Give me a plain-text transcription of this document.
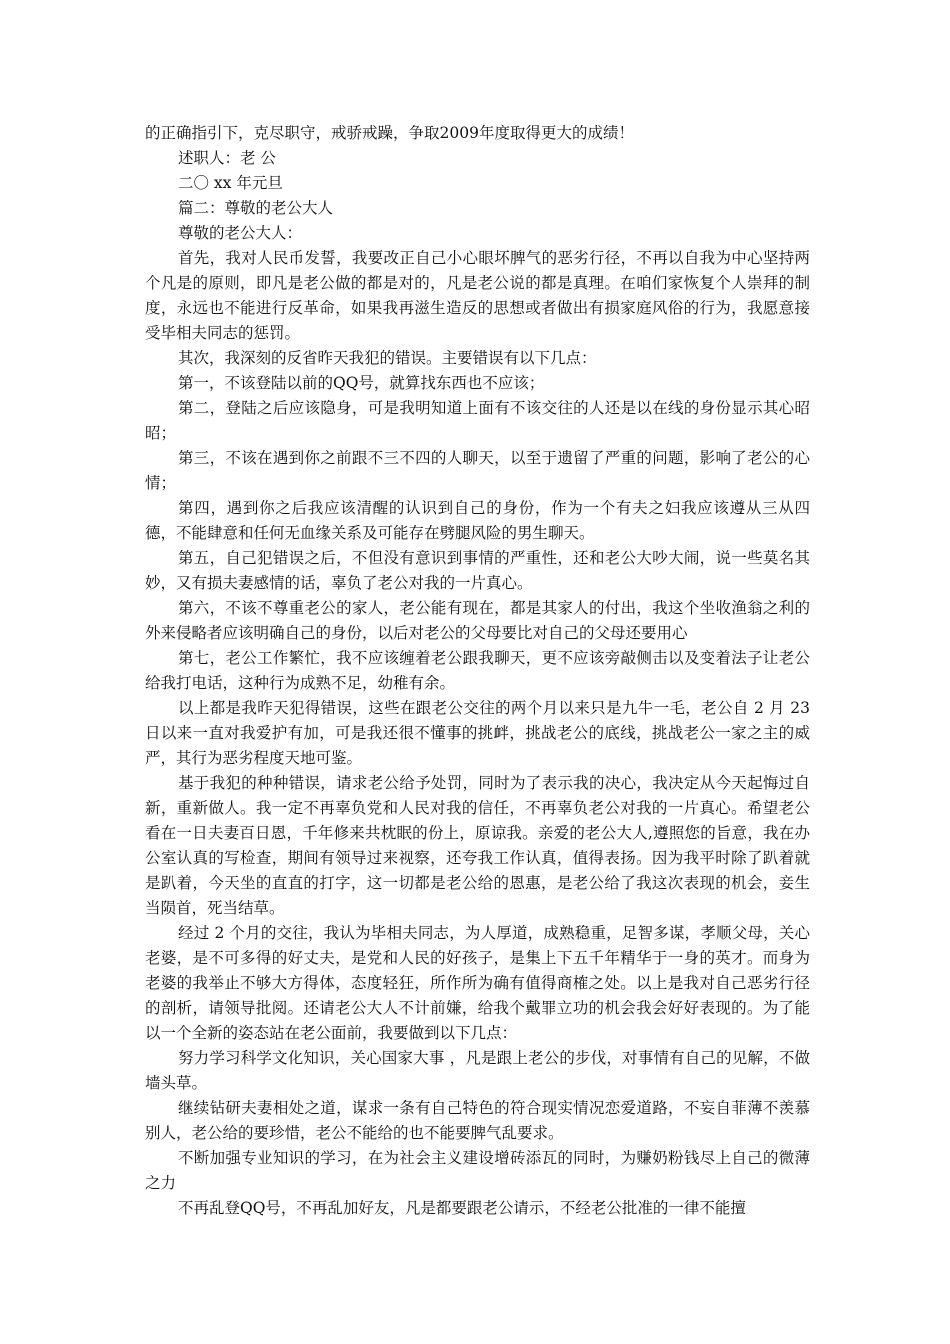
的正确指引下，克尽职守，戒骄戒躁，争取2009年度取得更大的成绩！

述职人：老 公

二〇 xx 年元旦

篇二：尊敬的老公大人

尊敬的老公大人：

首先，我对人民币发誓，我要改正自己小心眼坏脾气的恶劣行径，不再以自我为中心坚持两个凡是的原则，即凡是老公做的都是对的，凡是老公说的都是真理。在咱们家恢复个人崇拜的制度，永远也不能进行反革命，如果我再滋生造反的思想或者做出有损家庭风俗的行为，我愿意接受毕相夫同志的惩罚。

其次，我深刻的反省昨天我犯的错误。主要错误有以下几点：

第一，不该登陆以前的QQ号，就算找东西也不应该；

第二，登陆之后应该隐身，可是我明知道上面有不该交往的人还是以在线的身份显示其心昭昭；

第三，不该在遇到你之前跟不三不四的人聊天，以至于遗留了严重的问题，影响了老公的心情；

第四，遇到你之后我应该清醒的认识到自己的身份，作为一个有夫之妇我应该遵从三从四德，不能肆意和任何无血缘关系及可能存在劈腿风险的男生聊天。

第五，自己犯错误之后，不但没有意识到事情的严重性，还和老公大吵大闹，说一些莫名其妙，又有损夫妻感情的话，辜负了老公对我的一片真心。

第六，不该不尊重老公的家人，老公能有现在，都是其家人的付出，我这个坐收渔翁之利的外来侵略者应该明确自己的身份，以后对老公的父母要比对自己的父母还要用心

第七，老公工作繁忙，我不应该缠着老公跟我聊天，更不应该旁敲侧击以及变着法子让老公给我打电话，这种行为成熟不足，幼稚有余。

以上都是我昨天犯得错误，这些在跟老公交往的两个月以来只是九牛一毛，老公自 2 月 23 日以来一直对我爱护有加，可是我还很不懂事的挑衅，挑战老公的底线，挑战老公一家之主的威严，其行为恶劣程度天地可鉴。

基于我犯的种种错误，请求老公给予处罚，同时为了表示我的决心，我决定从今天起悔过自新，重新做人。我一定不再辜负党和人民对我的信任，不再辜负老公对我的一片真心。希望老公看在一日夫妻百日恩，千年修来共枕眠的份上，原谅我。亲爱的老公大人,遵照您的旨意，我在办公室认真的写检查，期间有领导过来视察，还夸我工作认真，值得表扬。因为我平时除了趴着就是趴着，今天坐的直直的打字，这一切都是老公给的恩惠，是老公给了我这次表现的机会，妾生当陨首，死当结草。

经过 2 个月的交往，我认为毕相夫同志，为人厚道，成熟稳重，足智多谋，孝顺父母，关心老婆，是不可多得的好丈夫，是党和人民的好孩子，是集上下五千年精华于一身的英才。而身为老婆的我举止不够大方得体，态度轻狂，所作所为确有值得商榷之处。以上是我对自己恶劣行径的剖析，请领导批阅。还请老公大人不计前嫌，给我个戴罪立功的机会我会好好表现的。为了能以一个全新的姿态站在老公面前，我要做到以下几点：

努力学习科学文化知识，关心国家大事 ，凡是跟上老公的步伐，对事情有自己的见解，不做墙头草。

继续钻研夫妻相处之道，谋求一条有自己特色的符合现实情况恋爱道路，不妄自菲薄不羡慕别人，老公给的要珍惜，老公不能给的也不能要脾气乱要求。

不断加强专业知识的学习，在为社会主义建设增砖添瓦的同时，为赚奶粉钱尽上自己的微薄之力

不再乱登QQ号，不再乱加好友，凡是都要跟老公请示，不经老公批准的一律不能擅
